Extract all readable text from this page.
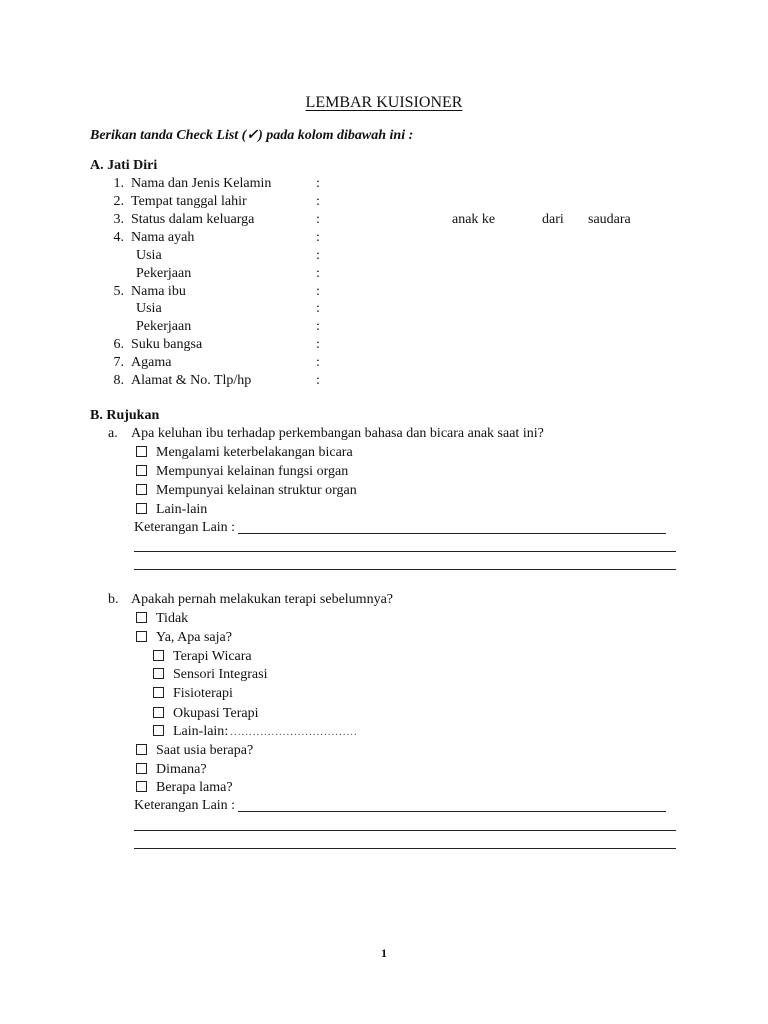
LEMBAR KUISIONER
Berikan tanda Check List (✓) pada kolom dibawah ini :
A. Jati Diri
1. Nama dan Jenis Kelamin	:
2. Tempat tanggal lahir	:
3. Status dalam keluarga	:	anak ke	dari saudara
4. Nama ayah	:
Usia	:
Pekerjaan	:
5. Nama ibu	:
Usia	:
Pekerjaan	:
6. Suku bangsa	:
7. Agama	:
8. Alamat & No. Tlp/hp	:
B. Rujukan
a. Apa keluhan ibu terhadap perkembangan bahasa dan bicara anak saat ini?
Mengalami keterbelakangan bicara
Mempunyai kelainan fungsi organ
Mempunyai kelainan struktur organ
Lain-lain
Keterangan Lain :
b. Apakah pernah melakukan terapi sebelumnya?
Tidak
Ya, Apa saja?
Terapi Wicara
Sensori Integrasi
Fisioterapi
Okupasi Terapi
Lain-lain: ..................................
Saat usia berapa?
Dimana?
Berapa lama?
Keterangan Lain :
1
